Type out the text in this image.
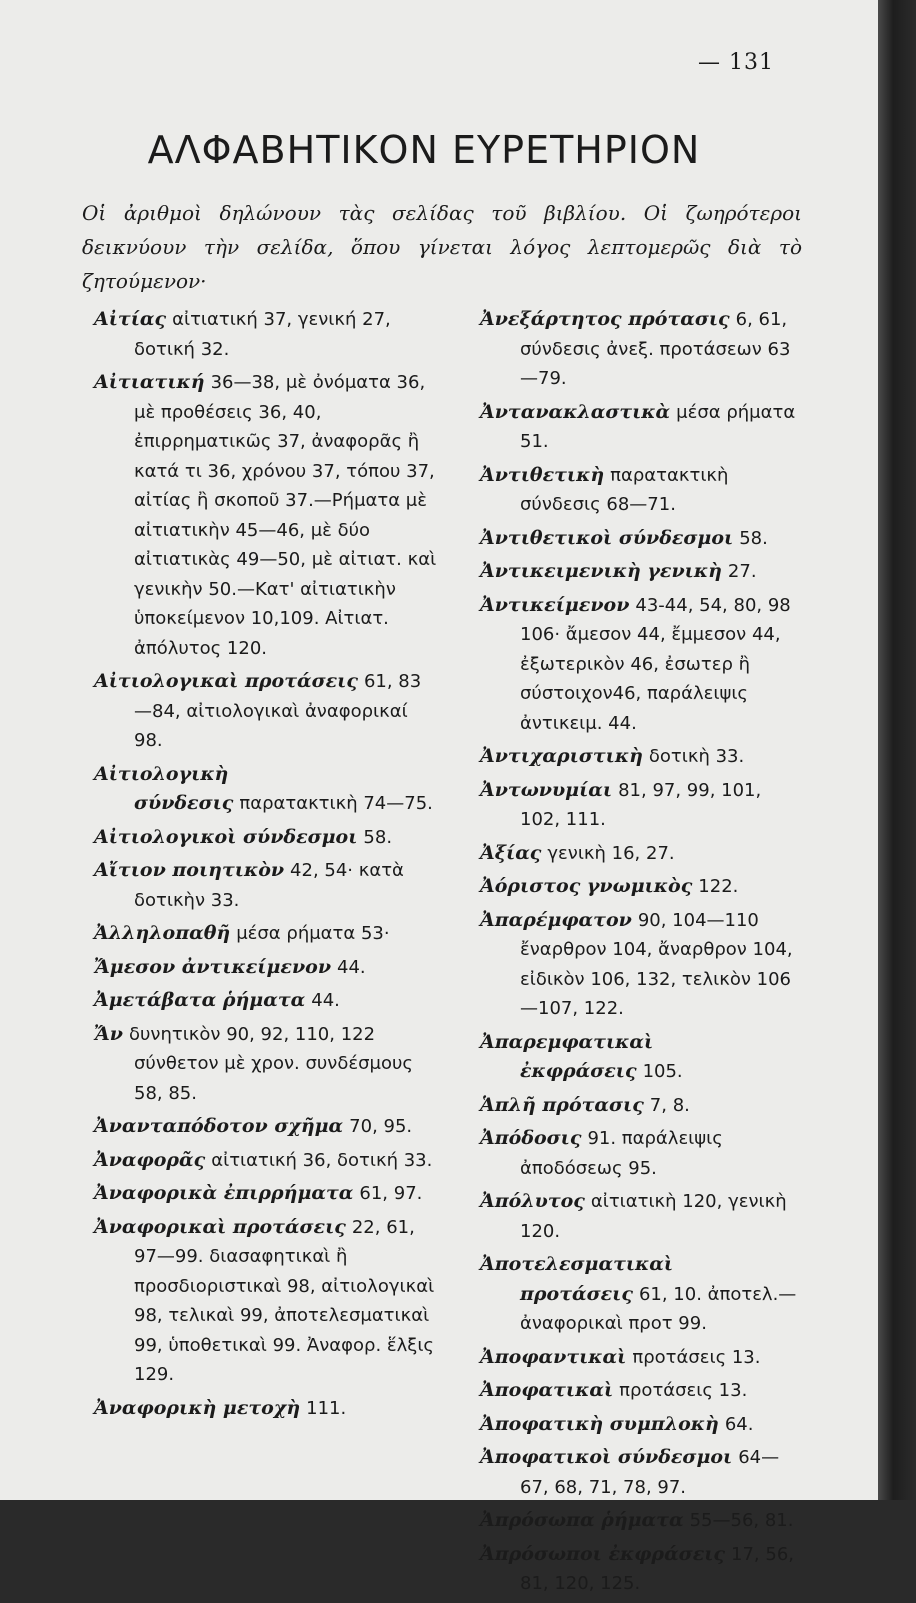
— 131
ΑΛΦΑΒΗΤΙΚΟΝ ΕΥΡΕΤΗΡΙΟΝ
Οἱ ἀριθμοὶ δηλώνουν τὰς σελίδας τοῦ βιβλίου. Οἱ ζωηρότεροι δεικνύουν τὴν σελίδα, ὅπου γίνεται λόγος λεπτομερῶς διὰ τὸ ζητούμενον·

Αἰτίας αἰτιατική 37, γενική 27, δοτική 32.

Αἰτιατική 36—38, μὲ ὀνόματα 36, μὲ προθέσεις 36, 40, ἐπιρρηματικῶς 37, ἀναφορᾶς ἢ κατά τι 36, χρόνου 37, τόπου 37, αἰτίας ἢ σκοποῦ 37.—Ρήματα μὲ αἰτιατικὴν 45—46, μὲ δύο αἰτιατικὰς 49—50, μὲ αἰτιατ. καὶ γενικὴν 50.—Κατ' αἰτιατικὴν ὑποκείμενον 10,109. Αἰτιατ. ἀπόλυτος 120.

Αἰτιολογικαὶ προτάσεις 61, 83—84, αἰτιολογικαὶ ἀναφορικαί 98.

Αἰτιολογικὴ σύνδεσις παρατακτικὴ 74—75.

Αἰτιολογικοὶ σύνδεσμοι 58.

Αἴτιον ποιητικὸν 42, 54· κατὰ δοτικὴν 33.

Ἀλληλοπαθῆ μέσα ρήματα 53·

Ἄμεσον ἀντικείμενον 44.

Ἀμετάβατα ῥήματα 44.

Ἄν δυνητικὸν 90, 92, 110, 122 σύνθετον μὲ χρον. συνδέσμους 58, 85.

Ἀνανταπόδοτον σχῆμα 70, 95.

Ἀναφορᾶς αἰτιατική 36, δοτική 33.

Ἀναφορικὰ ἐπιρρήματα 61, 97.

Ἀναφορικαὶ προτάσεις 22, 61, 97—99. διασαφητικαὶ ἢ προσδιοριστικαὶ 98, αἰτιολογικαὶ 98, τελικαὶ 99, ἀποτελεσματικαὶ 99, ὑποθετικαὶ 99. Ἀναφορ. ἕλξις 129.

Ἀναφορικὴ μετοχὴ 111.

Ἀνεξάρτητος πρότασις 6, 61, σύνδεσις ἀνεξ. προτάσεων 63—79.

Ἀντανακλαστικὰ μέσα ρήματα 51.

Ἀντιθετικὴ παρατακτικὴ σύνδεσις 68—71.

Ἀντιθετικοὶ σύνδεσμοι 58.

Ἀντικειμενικὴ γενικὴ 27.

Ἀντικείμενον 43-44, 54, 80, 98 106· ἄμεσον 44, ἔμμεσον 44, ἐξωτερικὸν 46, ἐσωτερ ἢ σύστοιχον46, παράλειψις ἀντικειμ. 44.

Ἀντιχαριστικὴ δοτικὴ 33.

Ἀντωνυμίαι 81, 97, 99, 101, 102, 111.

Ἀξίας γενικὴ 16, 27.

Ἀόριστος γνωμικὸς 122.

Ἀπαρέμφατον 90, 104—110 ἔναρθρον 104, ἄναρθρον 104, εἰδικὸν 106, 132, τελικὸν 106—107, 122.

Ἀπαρεμφατικαὶ ἐκφράσεις 105.

Ἁπλῆ πρότασις 7, 8.

Ἀπόδοσις 91. παράλειψις ἀποδόσεως 95.

Ἀπόλυτος αἰτιατικὴ 120, γενικὴ 120.

Ἀποτελεσματικαὶ προτάσεις 61, 10. ἀποτελ.—ἀναφορικαὶ προτ 99.

Ἀποφαντικαὶ προτάσεις 13.

Ἀποφατικαὶ προτάσεις 13.

Ἀποφατικὴ συμπλοκὴ 64.

Ἀποφατικοὶ σύνδεσμοι 64—67, 68, 71, 78, 97.

Ἀπρόσωπα ῥήματα 55—56, 81.

Ἀπρόσωποι ἐκφράσεις 17, 56, 81, 120, 125.
